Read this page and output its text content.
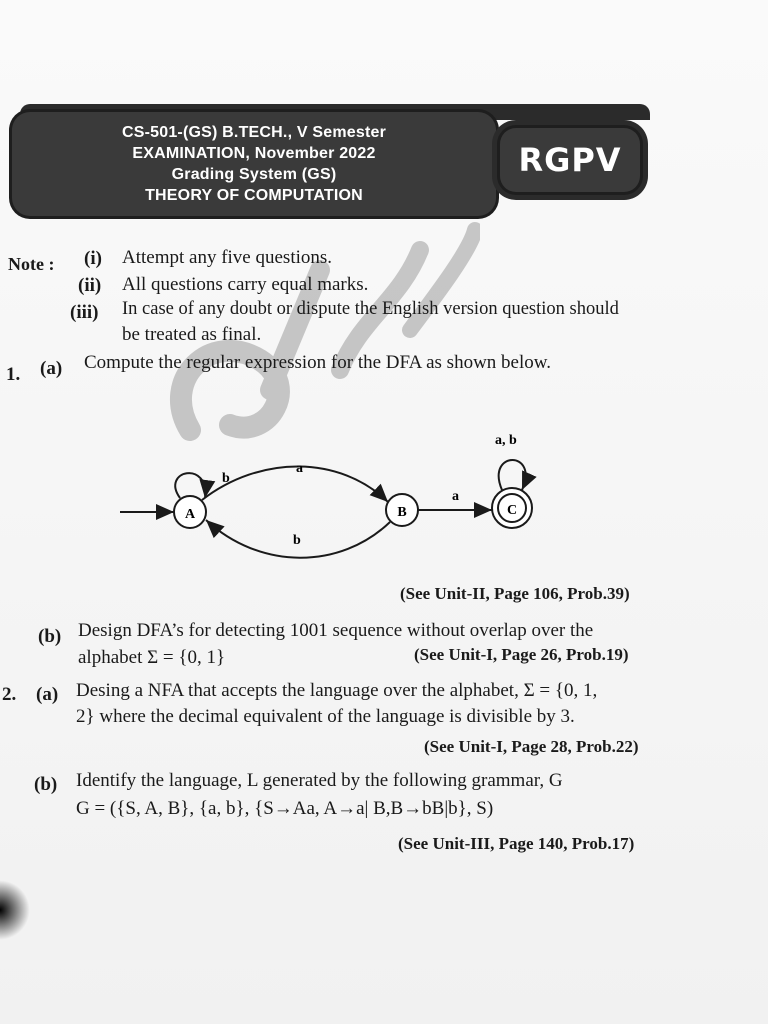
CS-501-(GS) B.TECH., V Semester
EXAMINATION, November 2022
Grading System (GS)
THEORY OF COMPUTATION
RGPV
Note : (i) Attempt any five questions.
(ii) All questions carry equal marks.
(iii) In case of any doubt or dispute the English version question should
be treated as final.
1. (a) Compute the regular expression for the DFA as shown below.
A	B	C
b
a
b
a
a, b
(See Unit-II, Page 106, Prob.39)
(b) Design DFA’s for detecting 1001 sequence without overlap over the
alphabet Σ = {0, 1}	(See Unit-I, Page 26, Prob.19)
2. (a) Desing a NFA that accepts the language over the alphabet, Σ = {0, 1,
2} where the decimal equivalent of the language is divisible by 3.
(See Unit-I, Page 28, Prob.22)
(b) Identify the language, L generated by the following grammar, G
G = ({S, A, B}, {a, b}, {S→Aa, A→a| B,B→bB|b}, S)
(See Unit-III, Page 140, Prob.17)
